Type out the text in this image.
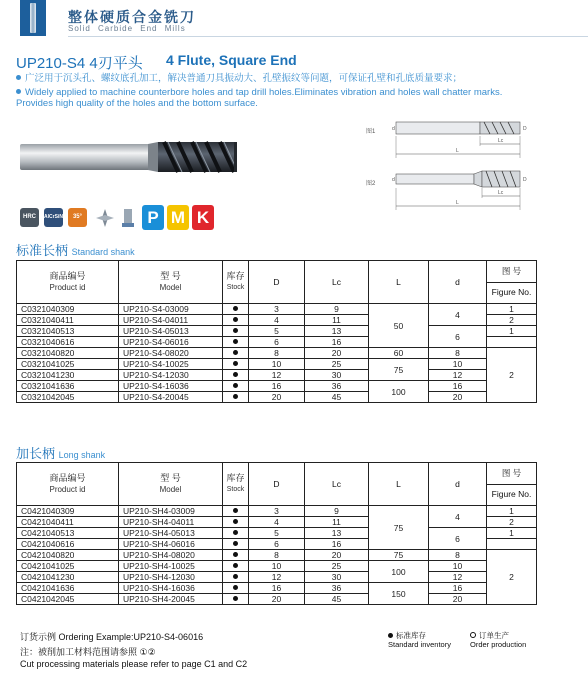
整体硬质合金铣刀
Solid Carbide End Mills
UP210-S4 4刃平头 4 Flute, Square End
广泛用于沉头孔、螺纹底孔加工，解决普通刀具振动大、孔壁振纹等问题，可保证孔壁和孔底质量要求；
Widely applied to machine counterbore holes and tap drill holes.Eliminates vibration and holes wall chatter marks. Provides high quality of the holes and the bottom surface.
图1	d	D
Lc
L
图2
d	D
Lc
L
HRC	AlCrSiN	35°	P M K
标准长柄 Standard shank
商品编号
Product id	型 号
Model	库存
Stock	D	Lc	L	d	图 号
							Figure No.
C0321040309	UP210-S4-03009		3	9	50	4	1
C0321040411	UP210-S4-04011		4	11			2
C0321040513	UP210-S4-05013		5	13		6	1
C0321040616	UP210-S4-06016		6	16			
C0321040820	UP210-S4-08020		8	20	60	8	2
C0321041025	UP210-S4-10025		10	25	75	10	
C0321041230	UP210-S4-12030		12	30		12	
C0321041636	UP210-S4-16036		16	36	100	16	
C0321042045	UP210-S4-20045		20	45		20	
加长柄 Long shank
商品编号
Product id	型 号
Model	库存
Stock	D	Lc	L	d	图 号
							Figure No.
C0421040309	UP210-SH4-03009		3	9	75	4	1
C0421040411	UP210-SH4-04011		4	11			2
C0421040513	UP210-SH4-05013		5	13		6	1
C0421040616	UP210-SH4-06016		6	16			
C0421040820	UP210-SH4-08020		8	20	75	8	2
C0421041025	UP210-SH4-10025		10	25	100	10	
C0421041230	UP210-SH4-12030		12	30		12	
C0421041636	UP210-SH4-16036		16	36	150	16	
C0421042045	UP210-SH4-20045		20	45		20	
订货示例 Ordering Example:UP210-S4-06016
注：被削加工材料范围请参照 ①②
Cut processing materials please refer to page C1 and C2
标准库存
Standard inventory
订单生产
Order production
